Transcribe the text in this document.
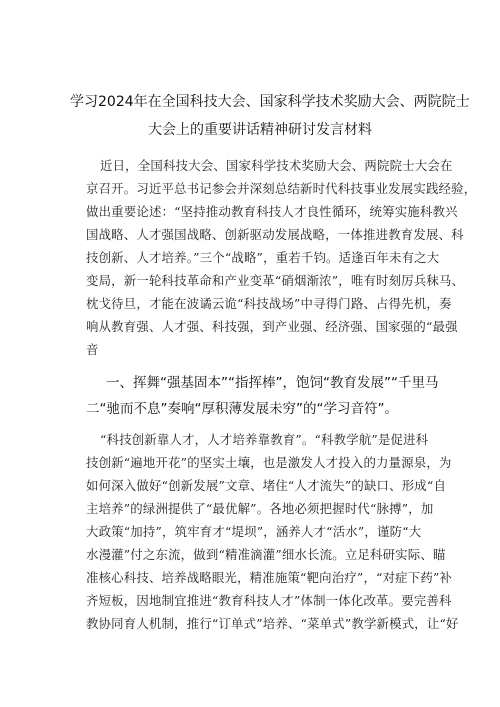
学习2024年在全国科技大会、国家科学技术奖励大会、两院院士
大会上的重要讲话精神研讨发言材料
近日，全国科技大会、国家科学技术奖励大会、两院院士大会在
京召开。习近平总书记参会并深刻总结新时代科技事业发展实践经验，
做出重要论述：“坚持推动教育科技人才良性循环，统筹实施科教兴
国战略、人才强国战略、创新驱动发展战略，一体推进教育发展、科
技创新、人才培养。”三个“战略”，重若千钧。适逢百年未有之大
变局，新一轮科技革命和产业变革“硝烟渐浓”，唯有时刻厉兵秣马、
枕戈待旦，才能在波谲云诡“科技战场”中寻得门路、占得先机，奏
响从教育强、人才强、科技强，到产业强、经济强、国家强的“最强
音
一、挥舞“强基固本”“指挥棒”，饱饲“教育发展”“千里马
二“驰而不息”奏响“厚积薄发展未穷”的“学习音符”。
“科技创新靠人才，人才培养靠教育”。“科教学航”是促进科
技创新“遍地开花”的坚实土壤，也是激发人才投入的力量源泉，为
如何深入做好“创新发展”文章、堵住“人才流失”的缺口、形成“自
主培养”的绿洲提供了“最优解”。各地必须把握时代“脉搏”，加
大政策“加持”，筑牢育才“堤坝”，涵养人才“活水”，谨防“大
水漫灌”付之东流，做到“精准滴灌”细水长流。立足科研实际、瞄
准核心科技、培养战略眼光，精准施策“靶向治疗”，“对症下药”补
齐短板，因地制宜推进“教育科技人才”体制一体化改革。要完善科
教协同育人机制，推行“订单式”培养、“菜单式”教学新模式，让“好
